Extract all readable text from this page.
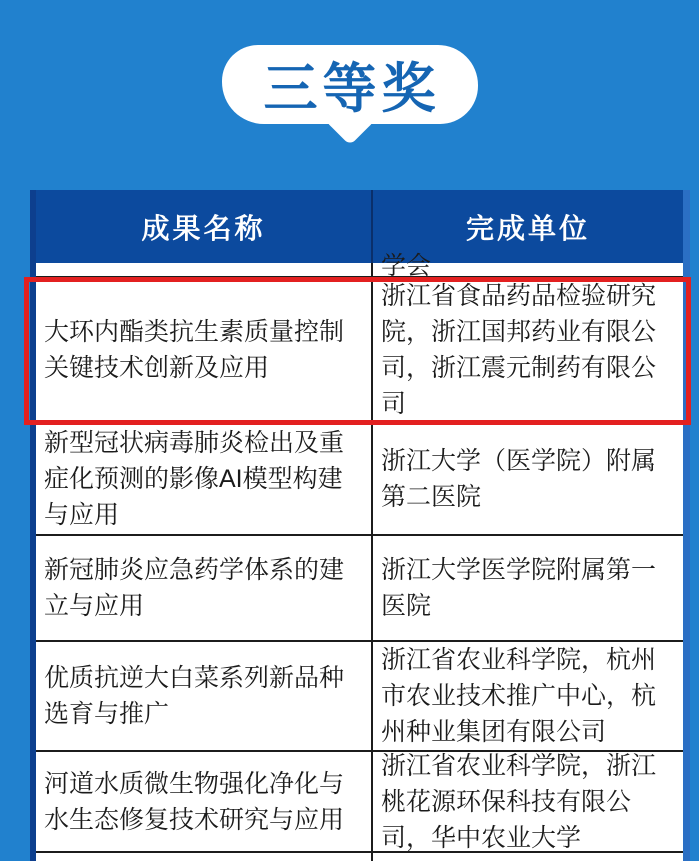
三等奖
成果名称	完成单位
学会
大环内酯类抗生素质量控制关键技术创新及应用
浙江省食品药品检验研究院，浙江国邦药业有限公司，浙江震元制药有限公司
新型冠状病毒肺炎检出及重症化预测的影像AI模型构建与应用
浙江大学（医学院）附属第二医院
新冠肺炎应急药学体系的建立与应用
浙江大学医学院附属第一医院
优质抗逆大白菜系列新品种选育与推广
浙江省农业科学院，杭州市农业技术推广中心，杭州种业集团有限公司
河道水质微生物强化净化与水生态修复技术研究与应用
浙江省农业科学院，浙江桃花源环保科技有限公司，华中农业大学
